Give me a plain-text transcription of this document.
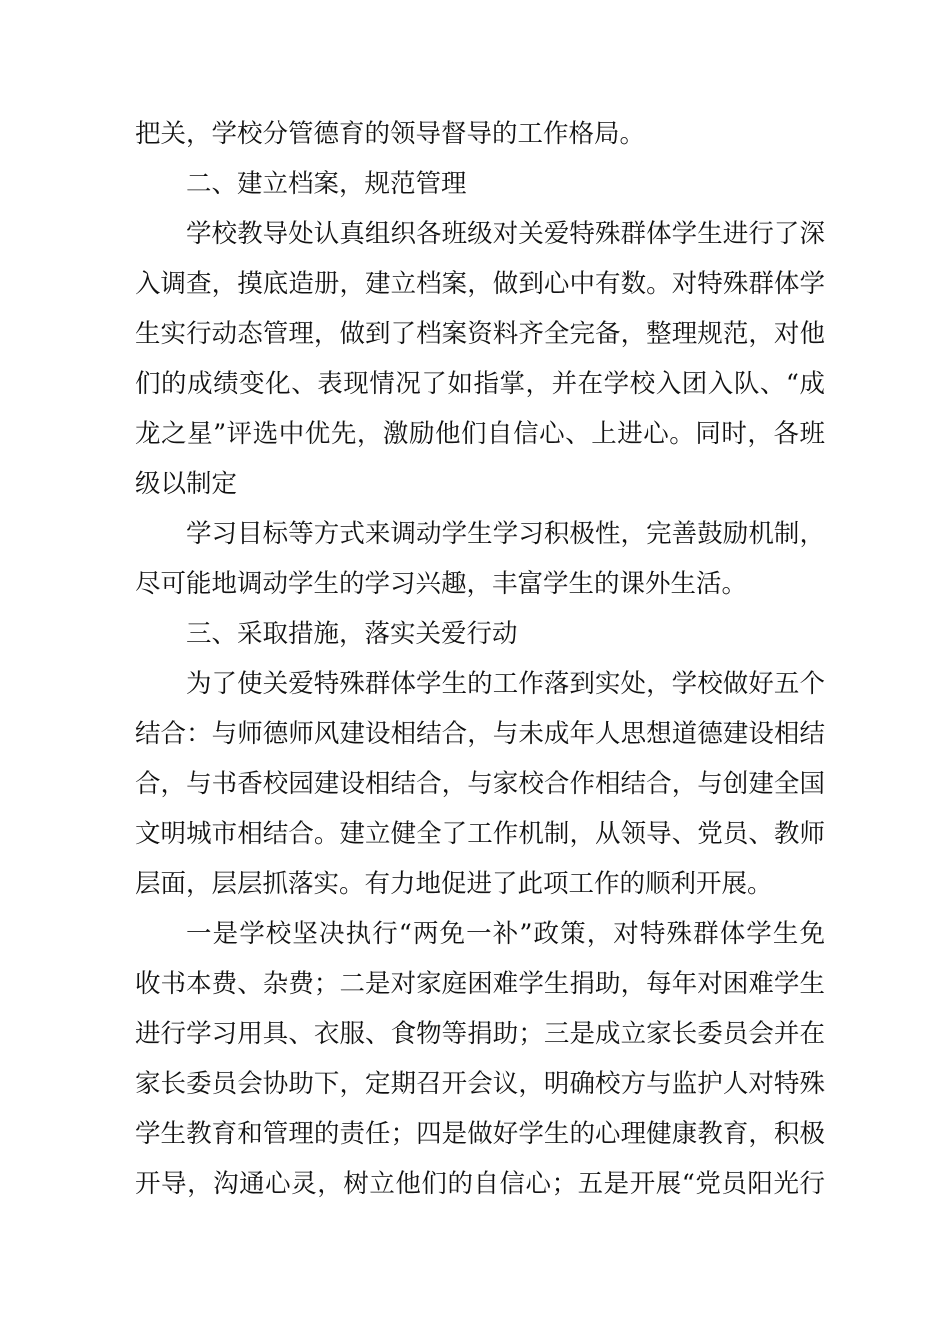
把关，学校分管德育的领导督导的工作格局。
二、建立档案，规范管理
学校教导处认真组织各班级对关爱特殊群体学生进行了深
入调查，摸底造册，建立档案，做到心中有数。对特殊群体学
生实行动态管理，做到了档案资料齐全完备，整理规范，对他
们的成绩变化、表现情况了如指掌，并在学校入团入队、“成
龙之星”评选中优先，激励他们自信心、上进心。同时，各班
级以制定
学习目标等方式来调动学生学习积极性，完善鼓励机制，
尽可能地调动学生的学习兴趣，丰富学生的课外生活。
三、采取措施，落实关爱行动
为了使关爱特殊群体学生的工作落到实处，学校做好五个
结合：与师德师风建设相结合，与未成年人思想道德建设相结
合，与书香校园建设相结合，与家校合作相结合，与创建全国
文明城市相结合。建立健全了工作机制，从领导、党员、教师
层面，层层抓落实。有力地促进了此项工作的顺利开展。
一是学校坚决执行“两免一补”政策，对特殊群体学生免
收书本费、杂费；二是对家庭困难学生捐助，每年对困难学生
进行学习用具、衣服、食物等捐助；三是成立家长委员会并在
家长委员会协助下，定期召开会议，明确校方与监护人对特殊
学生教育和管理的责任；四是做好学生的心理健康教育，积极
开导，沟通心灵，树立他们的自信心；五是开展“党员阳光行
